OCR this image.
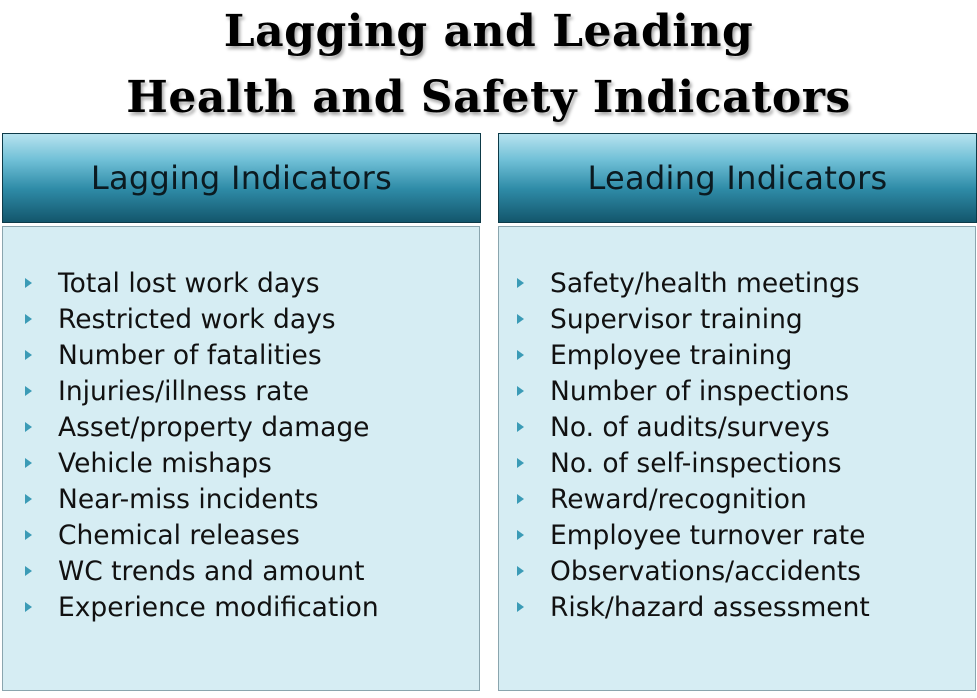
Lagging and Leading
Health and Safety Indicators
Lagging Indicators	Leading Indicators
Total lost work days
Restricted work days
Number of fatalities
Injuries/illness rate
Asset/property damage
Vehicle mishaps
Near-miss incidents
Chemical releases
WC trends and amount
Experience modification
Safety/health meetings
Supervisor training
Employee training
Number of inspections
No. of audits/surveys
No. of self-inspections
Reward/recognition
Employee turnover rate
Observations/accidents
Risk/hazard assessment
